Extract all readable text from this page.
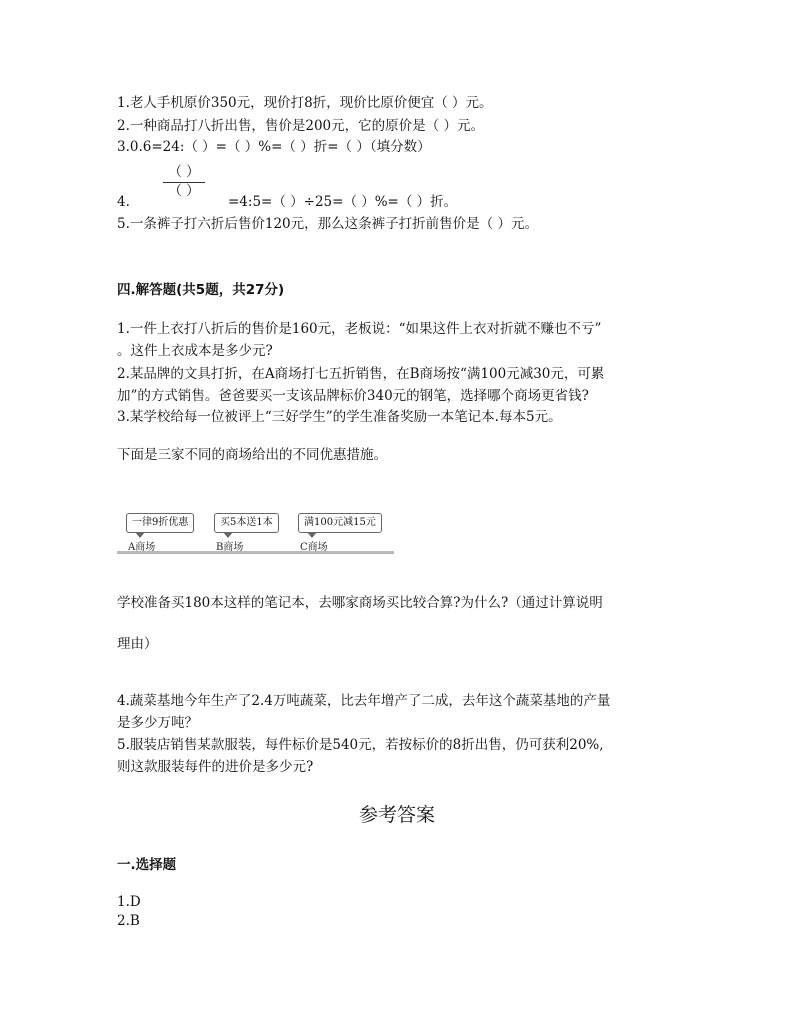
1.老人手机原价350元，现价打8折，现价比原价便宜（ ）元。
2.一种商品打八折出售，售价是200元，它的原价是（ ）元。
3.0.6=24:（ ）=（ ）%=（ ）折=（ ）（填分数）
（ ）
（ ）
4.	=4:5=（ ）÷25=（ ）%=（ ）折。
5.一条裤子打六折后售价120元，那么这条裤子打折前售价是（ ）元。
四.解答题(共5题，共27分)
1.一件上衣打八折后的售价是160元，老板说：“如果这件上衣对折就不赚也不亏”
。这件上衣成本是多少元?
2.某品牌的文具打折，在A商场打七五折销售，在B商场按“满100元减30元，可累
加”的方式销售。爸爸要买一支该品牌标价340元的钢笔，选择哪个商场更省钱?
3.某学校给每一位被评上“三好学生”的学生准备奖励一本笔记本.每本5元。
下面是三家不同的商场给出的不同优惠措施。
一律9折优惠
A商场
买5本送1本
B商场
满100元减15元
C商场
学校准备买180本这样的笔记本，去哪家商场买比较合算?为什么?（通过计算说明
理由）
4.蔬菜基地今年生产了2.4万吨蔬菜，比去年增产了二成，去年这个蔬菜基地的产量
是多少万吨？
5.服装店销售某款服装，每件标价是540元，若按标价的8折出售，仍可获利20%,
则这款服装每件的进价是多少元?
参考答案
一.选择题
1.D
2.B
